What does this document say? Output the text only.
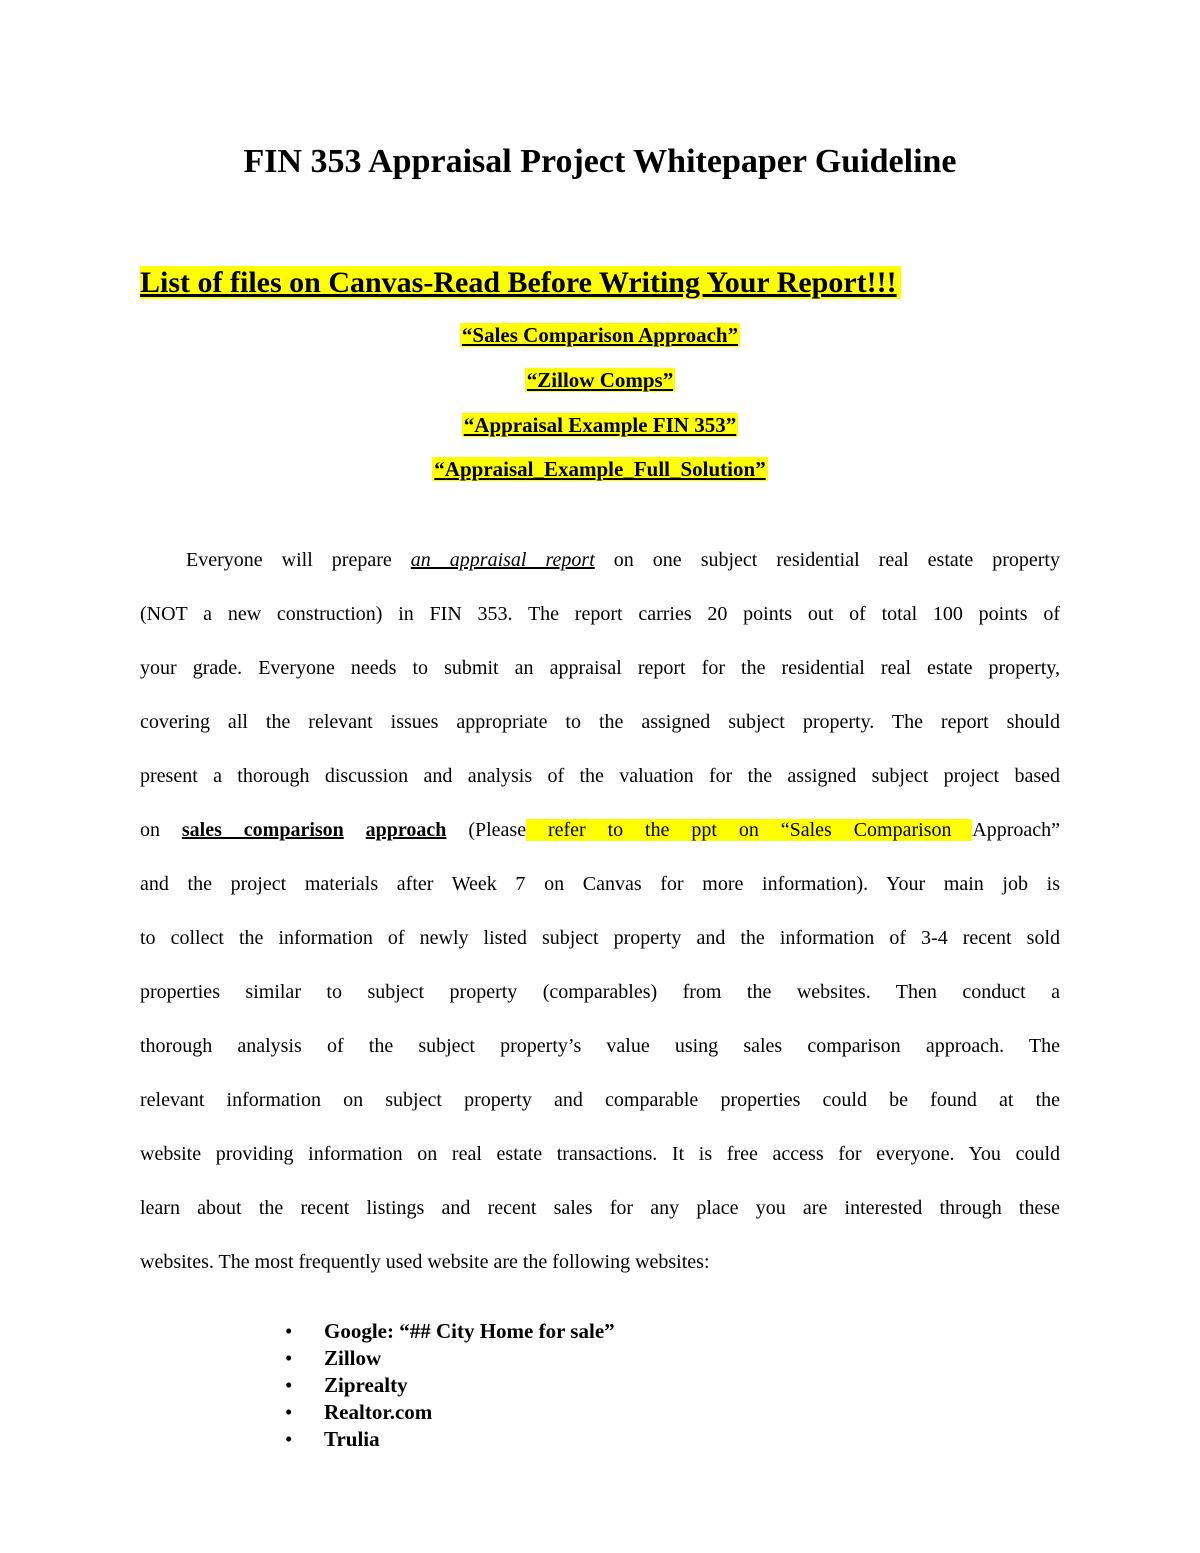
FIN 353 Appraisal Project Whitepaper Guideline
List of files on Canvas-Read Before Writing Your Report!!!
“Sales Comparison Approach”
“Zillow Comps”
“Appraisal Example FIN 353”
“Appraisal_Example_Full_Solution”
Everyone will prepare an appraisal report on one subject residential real estate property
(NOT a new construction) in FIN 353. The report carries 20 points out of total 100 points of
your grade. Everyone needs to submit an appraisal report for the residential real estate property,
covering all the relevant issues appropriate to the assigned subject property. The report should
present a thorough discussion and analysis of the valuation for the assigned subject project based
on sales comparison approach (Please refer to the ppt on “Sales Comparison Approach”
and the project materials after Week 7 on Canvas for more information). Your main job is
to collect the information of newly listed subject property and the information of 3-4 recent sold
properties similar to subject property (comparables) from the websites. Then conduct a
thorough analysis of the subject property’s value using sales comparison approach. The
relevant information on subject property and comparable properties could be found at the
website providing information on real estate transactions. It is free access for everyone. You could
learn about the recent listings and recent sales for any place you are interested through these
websites. The most frequently used website are the following websites:
• Google: “## City Home for sale”
• Zillow
• Ziprealty
• Realtor.com
• Trulia
